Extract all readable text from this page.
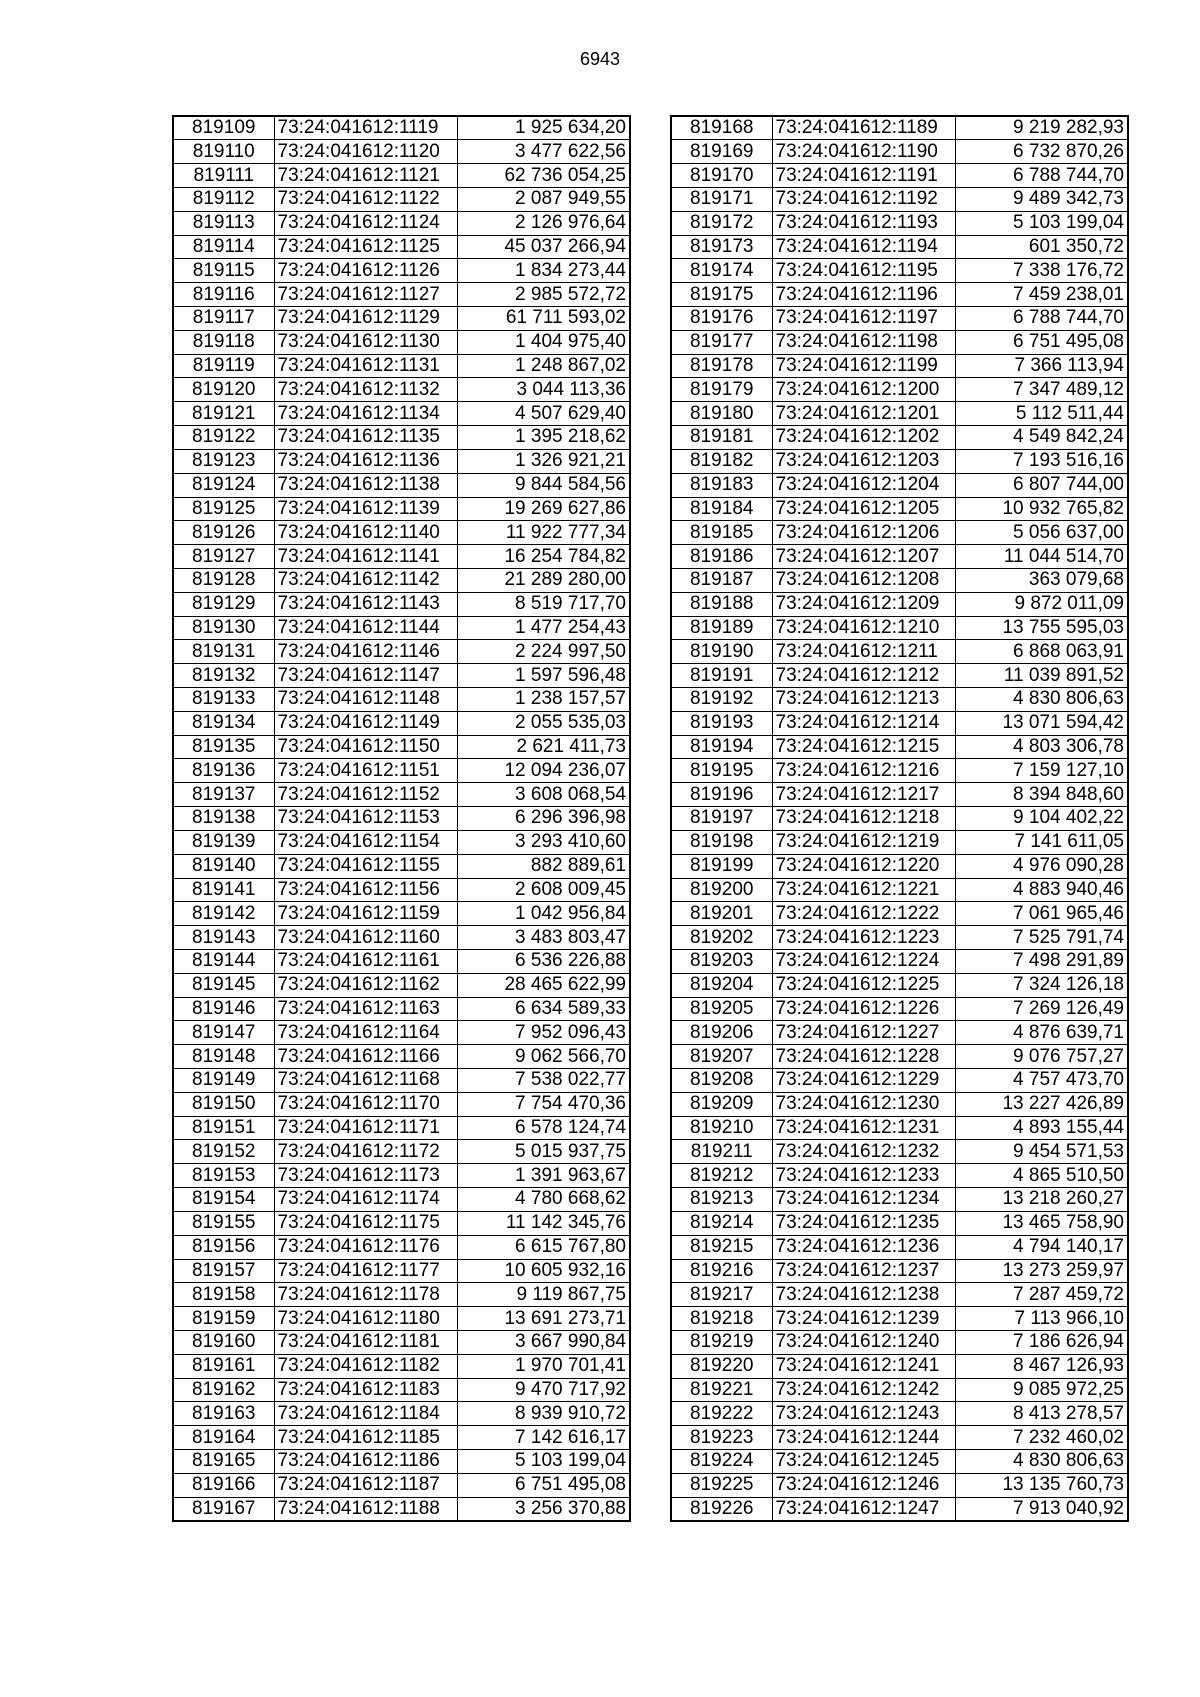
6943
819109	73:24:041612:1119	1 925 634,20
819110	73:24:041612:1120	3 477 622,56
819111	73:24:041612:1121	62 736 054,25
819112	73:24:041612:1122	2 087 949,55
819113	73:24:041612:1124	2 126 976,64
819114	73:24:041612:1125	45 037 266,94
819115	73:24:041612:1126	1 834 273,44
819116	73:24:041612:1127	2 985 572,72
819117	73:24:041612:1129	61 711 593,02
819118	73:24:041612:1130	1 404 975,40
819119	73:24:041612:1131	1 248 867,02
819120	73:24:041612:1132	3 044 113,36
819121	73:24:041612:1134	4 507 629,40
819122	73:24:041612:1135	1 395 218,62
819123	73:24:041612:1136	1 326 921,21
819124	73:24:041612:1138	9 844 584,56
819125	73:24:041612:1139	19 269 627,86
819126	73:24:041612:1140	11 922 777,34
819127	73:24:041612:1141	16 254 784,82
819128	73:24:041612:1142	21 289 280,00
819129	73:24:041612:1143	8 519 717,70
819130	73:24:041612:1144	1 477 254,43
819131	73:24:041612:1146	2 224 997,50
819132	73:24:041612:1147	1 597 596,48
819133	73:24:041612:1148	1 238 157,57
819134	73:24:041612:1149	2 055 535,03
819135	73:24:041612:1150	2 621 411,73
819136	73:24:041612:1151	12 094 236,07
819137	73:24:041612:1152	3 608 068,54
819138	73:24:041612:1153	6 296 396,98
819139	73:24:041612:1154	3 293 410,60
819140	73:24:041612:1155	882 889,61
819141	73:24:041612:1156	2 608 009,45
819142	73:24:041612:1159	1 042 956,84
819143	73:24:041612:1160	3 483 803,47
819144	73:24:041612:1161	6 536 226,88
819145	73:24:041612:1162	28 465 622,99
819146	73:24:041612:1163	6 634 589,33
819147	73:24:041612:1164	7 952 096,43
819148	73:24:041612:1166	9 062 566,70
819149	73:24:041612:1168	7 538 022,77
819150	73:24:041612:1170	7 754 470,36
819151	73:24:041612:1171	6 578 124,74
819152	73:24:041612:1172	5 015 937,75
819153	73:24:041612:1173	1 391 963,67
819154	73:24:041612:1174	4 780 668,62
819155	73:24:041612:1175	11 142 345,76
819156	73:24:041612:1176	6 615 767,80
819157	73:24:041612:1177	10 605 932,16
819158	73:24:041612:1178	9 119 867,75
819159	73:24:041612:1180	13 691 273,71
819160	73:24:041612:1181	3 667 990,84
819161	73:24:041612:1182	1 970 701,41
819162	73:24:041612:1183	9 470 717,92
819163	73:24:041612:1184	8 939 910,72
819164	73:24:041612:1185	7 142 616,17
819165	73:24:041612:1186	5 103 199,04
819166	73:24:041612:1187	6 751 495,08
819167	73:24:041612:1188	3 256 370,88
819168	73:24:041612:1189	9 219 282,93
819169	73:24:041612:1190	6 732 870,26
819170	73:24:041612:1191	6 788 744,70
819171	73:24:041612:1192	9 489 342,73
819172	73:24:041612:1193	5 103 199,04
819173	73:24:041612:1194	601 350,72
819174	73:24:041612:1195	7 338 176,72
819175	73:24:041612:1196	7 459 238,01
819176	73:24:041612:1197	6 788 744,70
819177	73:24:041612:1198	6 751 495,08
819178	73:24:041612:1199	7 366 113,94
819179	73:24:041612:1200	7 347 489,12
819180	73:24:041612:1201	5 112 511,44
819181	73:24:041612:1202	4 549 842,24
819182	73:24:041612:1203	7 193 516,16
819183	73:24:041612:1204	6 807 744,00
819184	73:24:041612:1205	10 932 765,82
819185	73:24:041612:1206	5 056 637,00
819186	73:24:041612:1207	11 044 514,70
819187	73:24:041612:1208	363 079,68
819188	73:24:041612:1209	9 872 011,09
819189	73:24:041612:1210	13 755 595,03
819190	73:24:041612:1211	6 868 063,91
819191	73:24:041612:1212	11 039 891,52
819192	73:24:041612:1213	4 830 806,63
819193	73:24:041612:1214	13 071 594,42
819194	73:24:041612:1215	4 803 306,78
819195	73:24:041612:1216	7 159 127,10
819196	73:24:041612:1217	8 394 848,60
819197	73:24:041612:1218	9 104 402,22
819198	73:24:041612:1219	7 141 611,05
819199	73:24:041612:1220	4 976 090,28
819200	73:24:041612:1221	4 883 940,46
819201	73:24:041612:1222	7 061 965,46
819202	73:24:041612:1223	7 525 791,74
819203	73:24:041612:1224	7 498 291,89
819204	73:24:041612:1225	7 324 126,18
819205	73:24:041612:1226	7 269 126,49
819206	73:24:041612:1227	4 876 639,71
819207	73:24:041612:1228	9 076 757,27
819208	73:24:041612:1229	4 757 473,70
819209	73:24:041612:1230	13 227 426,89
819210	73:24:041612:1231	4 893 155,44
819211	73:24:041612:1232	9 454 571,53
819212	73:24:041612:1233	4 865 510,50
819213	73:24:041612:1234	13 218 260,27
819214	73:24:041612:1235	13 465 758,90
819215	73:24:041612:1236	4 794 140,17
819216	73:24:041612:1237	13 273 259,97
819217	73:24:041612:1238	7 287 459,72
819218	73:24:041612:1239	7 113 966,10
819219	73:24:041612:1240	7 186 626,94
819220	73:24:041612:1241	8 467 126,93
819221	73:24:041612:1242	9 085 972,25
819222	73:24:041612:1243	8 413 278,57
819223	73:24:041612:1244	7 232 460,02
819224	73:24:041612:1245	4 830 806,63
819225	73:24:041612:1246	13 135 760,73
819226	73:24:041612:1247	7 913 040,92
